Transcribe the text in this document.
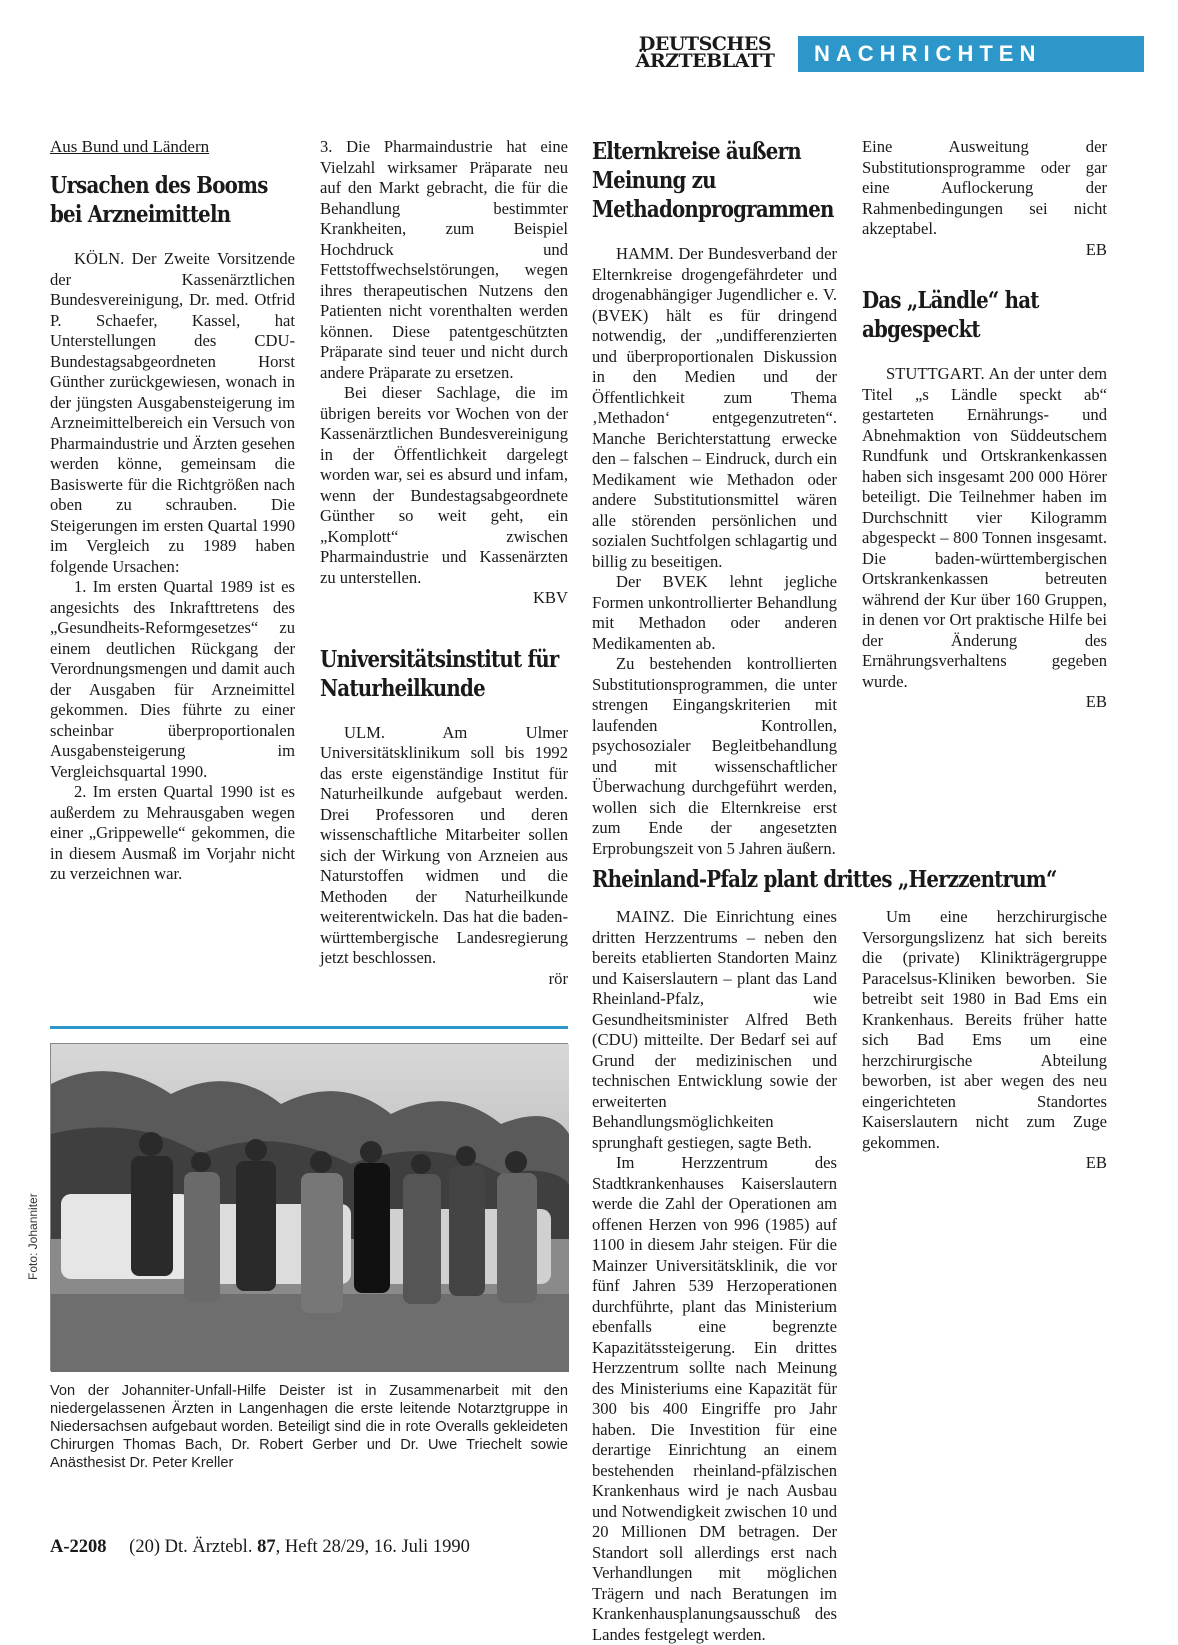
DEUTSCHES
ÄRZTEBLATT	NACHRICHTEN
Aus Bund und Ländern
Ursachen des Booms bei Arzneimitteln

KÖLN. Der Zweite Vorsitzende der Kassenärztlichen Bundesvereinigung, Dr. med. Otfrid P. Schaefer, Kassel, hat Unterstellungen des CDU-Bundestagsabgeordneten Horst Günther zurückgewiesen, wonach in der jüngsten Ausgabensteigerung im Arzneimittelbereich ein Versuch von Pharmaindustrie und Ärzten gesehen werden könne, gemeinsam die Basiswerte für die Richtgrößen nach oben zu schrauben. Die Steigerungen im ersten Quartal 1990 im Vergleich zu 1989 haben folgende Ursachen:

1. Im ersten Quartal 1989 ist es angesichts des Inkrafttretens des „Gesundheits-Reformgesetzes“ zu einem deutlichen Rückgang der Verordnungsmengen und damit auch der Ausgaben für Arzneimittel gekommen. Dies führte zu einer scheinbar überproportionalen Ausgabensteigerung im Vergleichsquartal 1990.

2. Im ersten Quartal 1990 ist es außerdem zu Mehrausgaben wegen einer „Grippewelle“ gekommen, die in diesem Ausmaß im Vorjahr nicht zu verzeichnen war.

3. Die Pharmaindustrie hat eine Vielzahl wirksamer Präparate neu auf den Markt gebracht, die für die Behandlung bestimmter Krankheiten, zum Beispiel Hochdruck und Fettstoffwechselstörungen, wegen ihres therapeutischen Nutzens den Patienten nicht vorenthalten werden können. Diese patentgeschützten Präparate sind teuer und nicht durch andere Präparate zu ersetzen.

Bei dieser Sachlage, die im übrigen bereits vor Wochen von der Kassenärztlichen Bundesvereinigung in der Öffentlichkeit dargelegt worden war, sei es absurd und infam, wenn der Bundestagsabgeordnete Günther so weit geht, ein „Komplott“ zwischen Pharmaindustrie und Kassenärzten zu unterstellen.

KBV
Universitätsinstitut für Naturheilkunde

ULM. Am Ulmer Universitätsklinikum soll bis 1992 das erste eigenständige Institut für Naturheilkunde aufgebaut werden. Drei Professoren und deren wissenschaftliche Mitarbeiter sollen sich der Wirkung von Arzneien aus Naturstoffen widmen und die Methoden der Naturheilkunde weiterentwickeln. Das hat die baden-württembergische Landesregierung jetzt beschlossen.

rör
Elternkreise äußern Meinung zu Methadonprogrammen

HAMM. Der Bundesverband der Elternkreise drogengefährdeter und drogenabhängiger Jugendlicher e. V. (BVEK) hält es für dringend notwendig, der „undifferenzierten und überproportionalen Diskussion in den Medien und der Öffentlichkeit zum Thema ‚Methadon‘ entgegenzutreten“. Manche Berichterstattung erwecke den – falschen – Eindruck, durch ein Medikament wie Methadon oder andere Substitutionsmittel wären alle störenden persönlichen und sozialen Suchtfolgen schlagartig und billig zu beseitigen.

Der BVEK lehnt jegliche Formen unkontrollierter Behandlung mit Methadon oder anderen Medikamenten ab.

Zu bestehenden kontrollierten Substitutionsprogrammen, die unter strengen Eingangskriterien mit laufenden Kontrollen, psychosozialer Begleitbehandlung und mit wissenschaftlicher Überwachung durchgeführt werden, wollen sich die Elternkreise erst zum Ende der angesetzten Erprobungszeit von 5 Jahren äußern.

Eine Ausweitung der Substitutionsprogramme oder gar eine Auflockerung der Rahmenbedingungen sei nicht akzeptabel.

EB
Das „Ländle“ hat abgespeckt

STUTTGART. An der unter dem Titel „s Ländle speckt ab“ gestarteten Ernährungs- und Abnehmaktion von Süddeutschem Rundfunk und Ortskrankenkassen haben sich insgesamt 200 000 Hörer beteiligt. Die Teilnehmer haben im Durchschnitt vier Kilogramm abgespeckt – 800 Tonnen insgesamt. Die baden-württembergischen Ortskrankenkassen betreuten während der Kur über 160 Gruppen, in denen vor Ort praktische Hilfe bei der Änderung des Ernährungsverhaltens gegeben wurde.

EB
Foto: Johanniter
Von der Johanniter-Unfall-Hilfe Deister ist in Zusammenarbeit mit den niedergelassenen Ärzten in Langenhagen die erste leitende Notarztgruppe in Niedersachsen aufgebaut worden. Beteiligt sind die in rote Overalls gekleideten Chirurgen Thomas Bach, Dr. Robert Gerber und Dr. Uwe Triechelt sowie Anästhesist Dr. Peter Kreller
Rheinland-Pfalz plant drittes „Herzzentrum“

MAINZ. Die Einrichtung eines dritten Herzzentrums – neben den bereits etablierten Standorten Mainz und Kaiserslautern – plant das Land Rheinland-Pfalz, wie Gesundheitsminister Alfred Beth (CDU) mitteilte. Der Bedarf sei auf Grund der medizinischen und technischen Entwicklung sowie der erweiterten Behandlungsmöglichkeiten sprunghaft gestiegen, sagte Beth.

Im Herzzentrum des Stadtkrankenhauses Kaiserslautern werde die Zahl der Operationen am offenen Herzen von 996 (1985) auf 1100 in diesem Jahr steigen. Für die Mainzer Universitätsklinik, die vor fünf Jahren 539 Herzoperationen durchführte, plant das Ministerium ebenfalls eine begrenzte Kapazitätssteigerung. Ein drittes Herzzentrum sollte nach Meinung des Ministeriums eine Kapazität für 300 bis 400 Eingriffe pro Jahr haben. Die Investition für eine derartige Einrichtung an einem bestehenden rheinland-pfälzischen Krankenhaus wird je nach Ausbau und Notwendigkeit zwischen 10 und 20 Millionen DM betragen. Der Standort soll allerdings erst nach Verhandlungen mit möglichen Trägern und nach Beratungen im Krankenhausplanungsausschuß des Landes festgelegt werden.

Um eine herzchirurgische Versorgungslizenz hat sich bereits die (private) Klinikträgergruppe Paracelsus-Kliniken beworben. Sie betreibt seit 1980 in Bad Ems ein Krankenhaus. Bereits früher hatte sich Bad Ems um eine herzchirurgische Abteilung beworben, ist aber wegen des neu eingerichteten Standortes Kaiserslautern nicht zum Zuge gekommen.

EB
A-2208 (20) Dt. Ärztebl. 87, Heft 28/29, 16. Juli 1990
